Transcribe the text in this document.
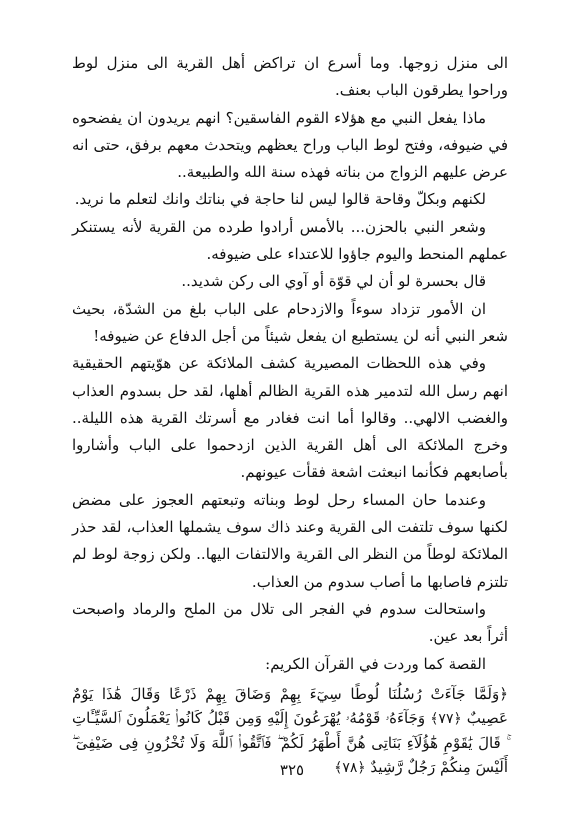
الى منزل زوجها. وما أسرع ان تراكض أهل القرية الى منزل لوط وراحوا يطرقون الباب بعنف.

ماذا يفعل النبي مع هؤلاء القوم الفاسقين؟ انهم يريدون ان يفضحوه في ضيوفه، وفتح لوط الباب وراح يعظهم ويتحدث معهم برفق، حتى انه عرض عليهم الزواج من بناته فهذه سنة الله والطبيعة..

لكنهم وبكلّ وقاحة قالوا ليس لنا حاجة في بناتك وانك لتعلم ما نريد.

وشعر النبي بالحزن... بالأمس أرادوا طرده من القرية لأنه يستنكر عملهم المنحط واليوم جاؤوا للاعتداء على ضيوفه.

قال بحسرة لو أن لي قوّة أو آوي الى ركن شديد..

ان الأمور تزداد سوءاً والازدحام على الباب بلغ من الشدّة، بحيث شعر النبي أنه لن يستطيع ان يفعل شيئاً من أجل الدفاع عن ضيوفه!

وفي هذه اللحظات المصيرية كشف الملائكة عن هوّيتهم الحقيقية انهم رسل الله لتدمير هذه القرية الظالم أهلها، لقد حل بسدوم العذاب والغضب الالهي.. وقالوا أما انت فغادر مع أسرتك القرية هذه الليلة.. وخرج الملائكة الى أهل القرية الذين ازدحموا على الباب وأشاروا بأصابعهم فكأنما انبعثت اشعة فقأت عيونهم.

وعندما حان المساء رحل لوط وبناته وتبعتهم العجوز على مضض لكنها سوف تلتفت الى القرية وعند ذاك سوف يشملها العذاب، لقد حذر الملائكة لوطاً من النظر الى القرية والالتفات اليها.. ولكن زوجة لوط لم تلتزم فاصابها ما أصاب سدوم من العذاب.

واستحالت سدوم في الفجر الى تلال من الملح والرماد واصبحت أثراً بعد عين.

القصة كما وردت في القرآن الكريم:

﴿وَلَمَّا جَآءَتْ رُسُلُنَا لُوطًا سِيٓءَ بِهِمْ وَضَاقَ بِهِمْ ذَرْعًا وَقَالَ هَٰذَا يَوْمٌ عَصِيبٌ ﴿٧٧﴾ وَجَآءَهُۥ قَوْمُهُۥ يُهْرَعُونَ إِلَيْهِ وَمِن قَبْلُ كَانُوا۟ يَعْمَلُونَ ٱلسَّيِّـَٔاتِ ۚ قَالَ يَٰقَوْمِ هَٰٓؤُلَآءِ بَنَاتِى هُنَّ أَطْهَرُ لَكُمْ ۖ فَٱتَّقُوا۟ ٱللَّهَ وَلَا تُخْزُونِ فِى ضَيْفِىٓ ۖ أَلَيْسَ مِنكُمْ رَجُلٌ رَّشِيدٌ ﴿٧٨﴾
٣٢٥
